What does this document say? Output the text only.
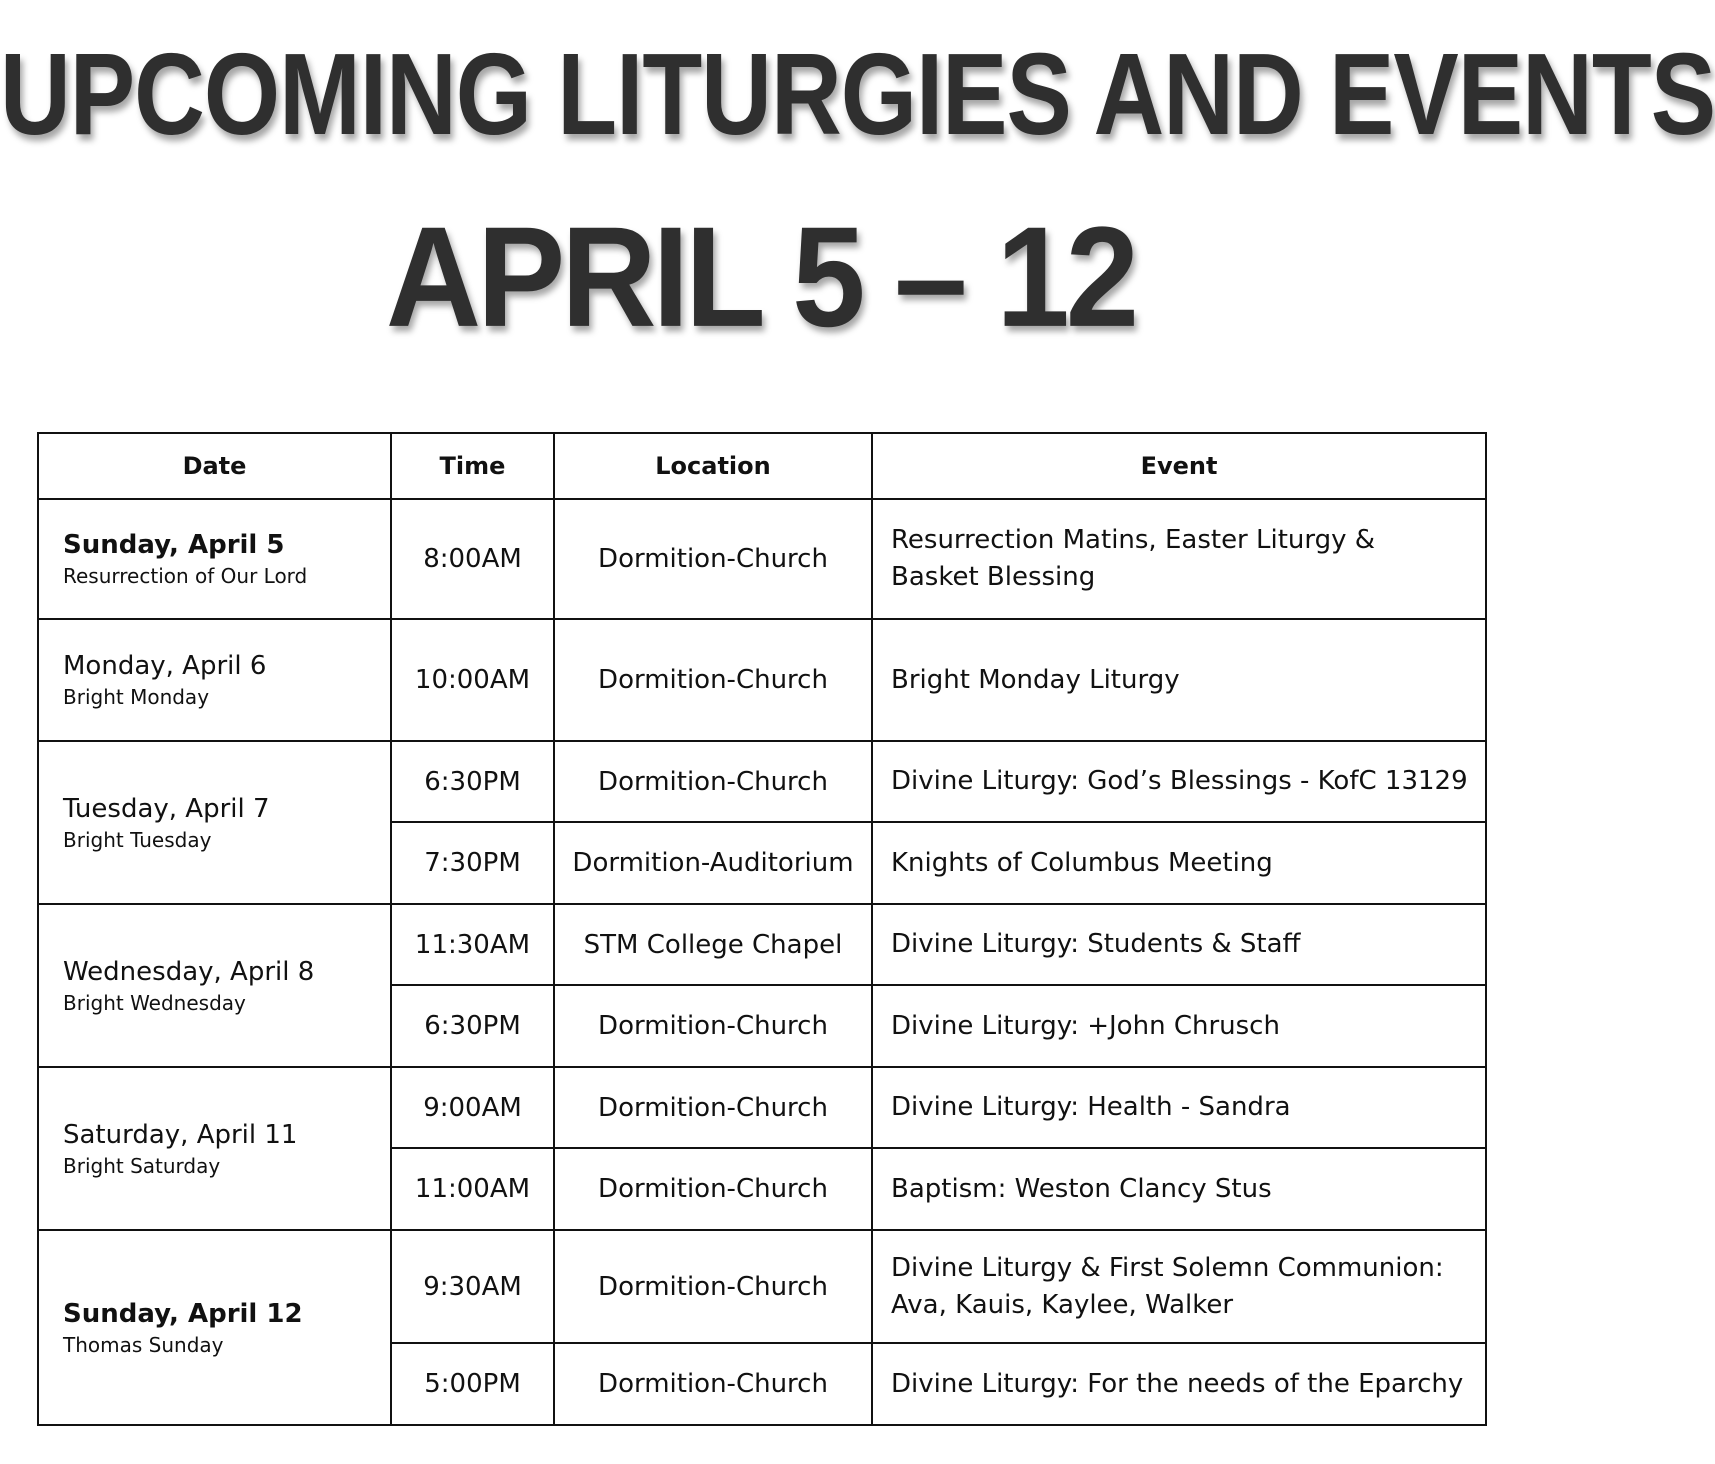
UPCOMING LITURGIES AND EVENTS
APRIL 5 – 12
Date	Time	Location	Event

Sunday, April 5
Resurrection of Our Lord	8:00AM	Dormition-Church	Resurrection Matins, Easter Liturgy & Basket Blessing

Monday, April 6
Bright Monday	10:00AM	Dormition-Church	Bright Monday Liturgy

Tuesday, April 7
Bright Tuesday	6:30PM	Dormition-Church	Divine Liturgy: God’s Blessings - KofC 13129
	7:30PM	Dormition-Auditorium	Knights of Columbus Meeting

Wednesday, April 8
Bright Wednesday	11:30AM	STM College Chapel	Divine Liturgy: Students & Staff
	6:30PM	Dormition-Church	Divine Liturgy: +John Chrusch

Saturday, April 11
Bright Saturday	9:00AM	Dormition-Church	Divine Liturgy: Health - Sandra
	11:00AM	Dormition-Church	Baptism: Weston Clancy Stus

Sunday, April 12
Thomas Sunday	9:30AM	Dormition-Church	Divine Liturgy & First Solemn Communion: Ava, Kauis, Kaylee, Walker
	5:00PM	Dormition-Church	Divine Liturgy: For the needs of the Eparchy
